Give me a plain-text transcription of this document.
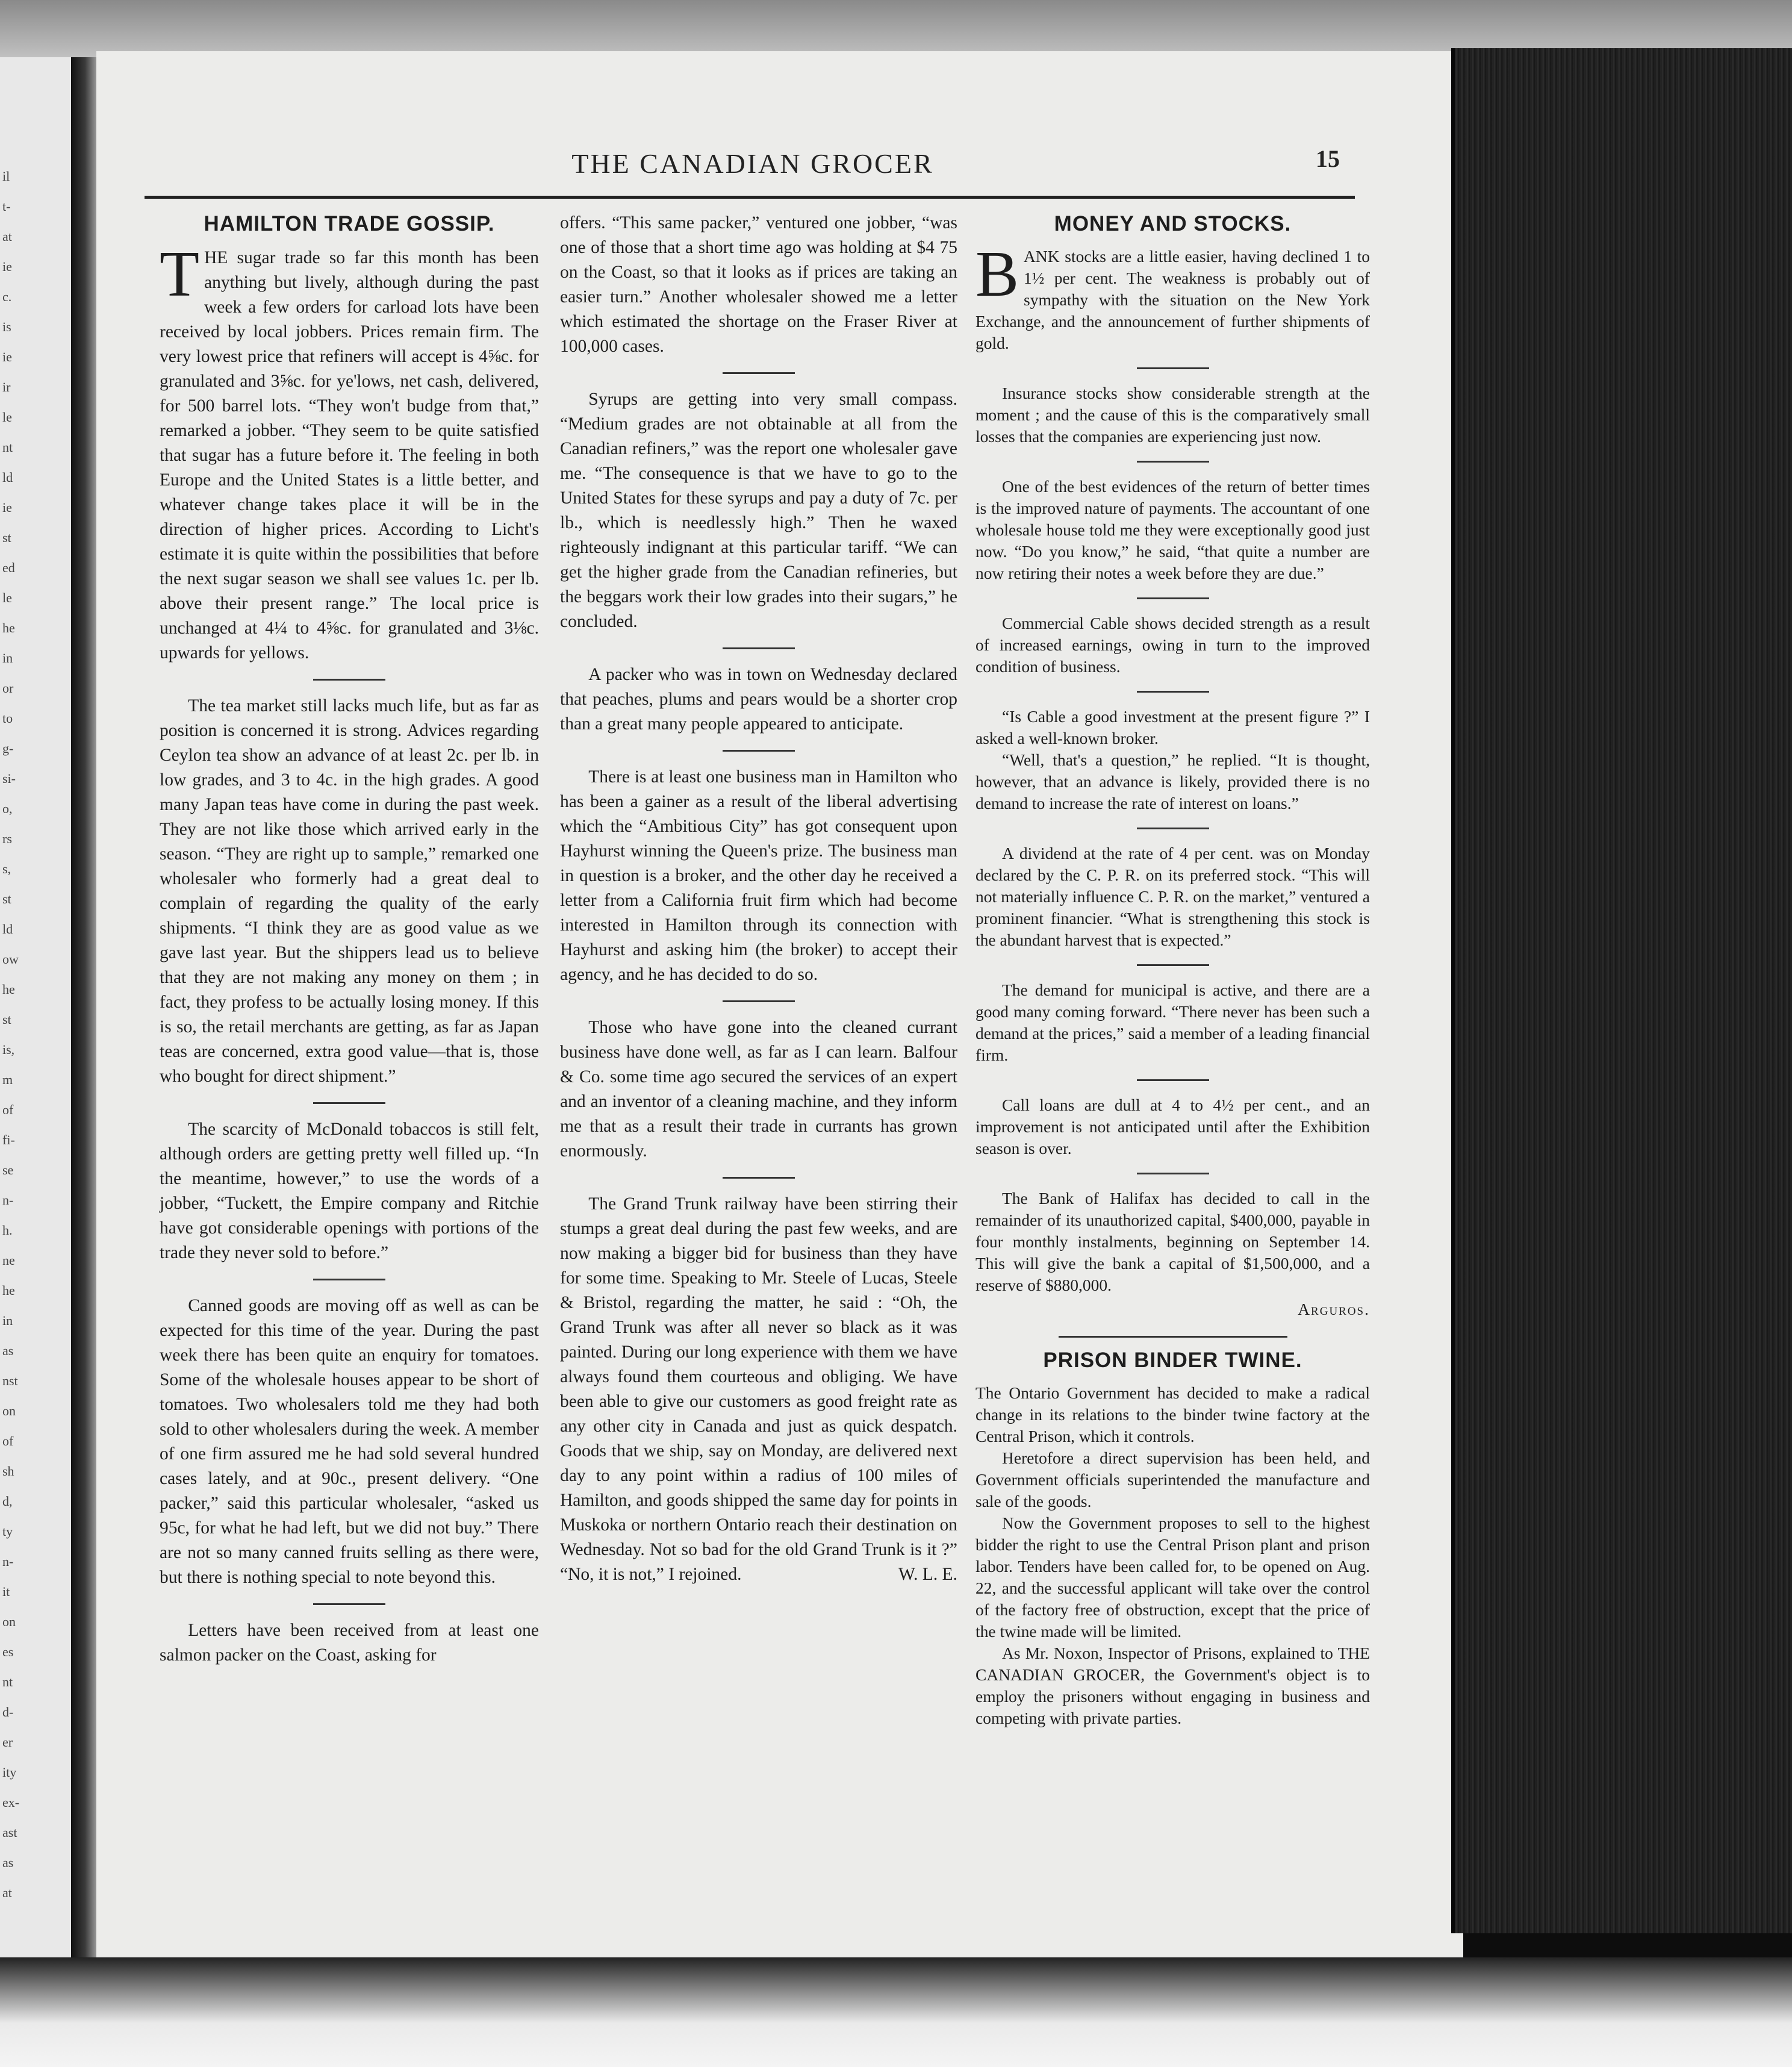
il
t-
at
ie
c.
is
ie
ir
le
nt
ld
ie
st
ed
le
he
in
or
to
g-
si-
o,
rs
s,
st
ld
ow
he
st
is,
m
of
fi-
se
n-
h.
ne
he
in
as
nst
on
of
sh
d,
ty
n-
it
on
es
nt
d-
er
ity
ex-
ast
as
at
THE CANADIAN GROCER	15
HAMILTON TRADE GOSSIP.

THE sugar trade so far this month has been anything but lively, although during the past week a few orders for carload lots have been received by local jobbers. Prices remain firm. The very lowest price that refiners will accept is 4⅝c. for granulated and 3⅝c. for ye'lows, net cash, delivered, for 500 barrel lots. “They won't budge from that,” remarked a jobber. “They seem to be quite satisfied that sugar has a future before it. The feeling in both Europe and the United States is a little better, and whatever change takes place it will be in the direction of higher prices. According to Licht's estimate it is quite within the possibilities that before the next sugar season we shall see values 1c. per lb. above their present range.” The local price is unchanged at 4¼ to 4⅝c. for granulated and 3⅛c. upwards for yellows.

The tea market still lacks much life, but as far as position is concerned it is strong. Advices regarding Ceylon tea show an advance of at least 2c. per lb. in low grades, and 3 to 4c. in the high grades. A good many Japan teas have come in during the past week. They are not like those which arrived early in the season. “They are right up to sample,” remarked one wholesaler who formerly had a great deal to complain of regarding the quality of the early shipments. “I think they are as good value as we gave last year. But the shippers lead us to believe that they are not making any money on them ; in fact, they profess to be actually losing money. If this is so, the retail merchants are getting, as far as Japan teas are concerned, extra good value—that is, those who bought for direct shipment.”

The scarcity of McDonald tobaccos is still felt, although orders are getting pretty well filled up. “In the meantime, however,” to use the words of a jobber, “Tuckett, the Empire company and Ritchie have got considerable openings with portions of the trade they never sold to before.”

Canned goods are moving off as well as can be expected for this time of the year. During the past week there has been quite an enquiry for tomatoes. Some of the wholesale houses appear to be short of tomatoes. Two wholesalers told me they had both sold to other wholesalers during the week. A member of one firm assured me he had sold several hundred cases lately, and at 90c., present delivery. “One packer,” said this particular wholesaler, “asked us 95c, for what he had left, but we did not buy.” There are not so many canned fruits selling as there were, but there is nothing special to note beyond this.

Letters have been received from at least one salmon packer on the Coast, asking for

offers. “This same packer,” ventured one jobber, “was one of those that a short time ago was holding at $4 75 on the Coast, so that it looks as if prices are taking an easier turn.” Another wholesaler showed me a letter which estimated the shortage on the Fraser River at 100,000 cases.

Syrups are getting into very small compass. “Medium grades are not obtainable at all from the Canadian refiners,” was the report one wholesaler gave me. “The consequence is that we have to go to the United States for these syrups and pay a duty of 7c. per lb., which is needlessly high.” Then he waxed righteously indignant at this particular tariff. “We can get the higher grade from the Canadian refineries, but the beggars work their low grades into their sugars,” he concluded.

A packer who was in town on Wednesday declared that peaches, plums and pears would be a shorter crop than a great many people appeared to anticipate.

There is at least one business man in Hamilton who has been a gainer as a result of the liberal advertising which the “Ambitious City” has got consequent upon Hayhurst winning the Queen's prize. The business man in question is a broker, and the other day he received a letter from a California fruit firm which had become interested in Hamilton through its connection with Hayhurst and asking him (the broker) to accept their agency, and he has decided to do so.

Those who have gone into the cleaned currant business have done well, as far as I can learn. Balfour & Co. some time ago secured the services of an expert and an inventor of a cleaning machine, and they inform me that as a result their trade in currants has grown enormously.

The Grand Trunk railway have been stirring their stumps a great deal during the past few weeks, and are now making a bigger bid for business than they have for some time. Speaking to Mr. Steele of Lucas, Steele & Bristol, regarding the matter, he said : “Oh, the Grand Trunk was after all never so black as it was painted. During our long experience with them we have always found them courteous and obliging. We have been able to give our customers as good freight rate as any other city in Canada and just as quick despatch. Goods that we ship, say on Monday, are delivered next day to any point within a radius of 100 miles of Hamilton, and goods shipped the same day for points in Muskoka or northern Ontario reach their destination on Wednesday. Not so bad for the old Grand Trunk is it ?” “No, it is not,” I rejoined.	W. L. E.
MONEY AND STOCKS.

BANK stocks are a little easier, having declined 1 to 1½ per cent. The weakness is probably out of sympathy with the situation on the New York Exchange, and the announcement of further shipments of gold.

Insurance stocks show considerable strength at the moment ; and the cause of this is the comparatively small losses that the companies are experiencing just now.

One of the best evidences of the return of better times is the improved nature of payments. The accountant of one wholesale house told me they were exceptionally good just now. “Do you know,” he said, “that quite a number are now retiring their notes a week before they are due.”

Commercial Cable shows decided strength as a result of increased earnings, owing in turn to the improved condition of business.

“Is Cable a good investment at the present figure ?” I asked a well-known broker.

“Well, that's a question,” he replied. “It is thought, however, that an advance is likely, provided there is no demand to increase the rate of interest on loans.”

A dividend at the rate of 4 per cent. was on Monday declared by the C. P. R. on its preferred stock. “This will not materially influence C. P. R. on the market,” ventured a prominent financier. “What is strengthening this stock is the abundant harvest that is expected.”

The demand for municipal is active, and there are a good many coming forward. “There never has been such a demand at the prices,” said a member of a leading financial firm.

Call loans are dull at 4 to 4½ per cent., and an improvement is not anticipated until after the Exhibition season is over.

The Bank of Halifax has decided to call in the remainder of its unauthorized capital, $400,000, payable in four monthly instalments, beginning on September 14. This will give the bank a capital of $1,500,000, and a reserve of $880,000.

Arguros.
PRISON BINDER TWINE.

The Ontario Government has decided to make a radical change in its relations to the binder twine factory at the Central Prison, which it controls.

Heretofore a direct supervision has been held, and Government officials superintended the manufacture and sale of the goods.

Now the Government proposes to sell to the highest bidder the right to use the Central Prison plant and prison labor. Tenders have been called for, to be opened on Aug. 22, and the successful applicant will take over the control of the factory free of obstruction, except that the price of the twine made will be limited.

As Mr. Noxon, Inspector of Prisons, explained to THE CANADIAN GROCER, the Government's object is to employ the prisoners without engaging in business and competing with private parties.
